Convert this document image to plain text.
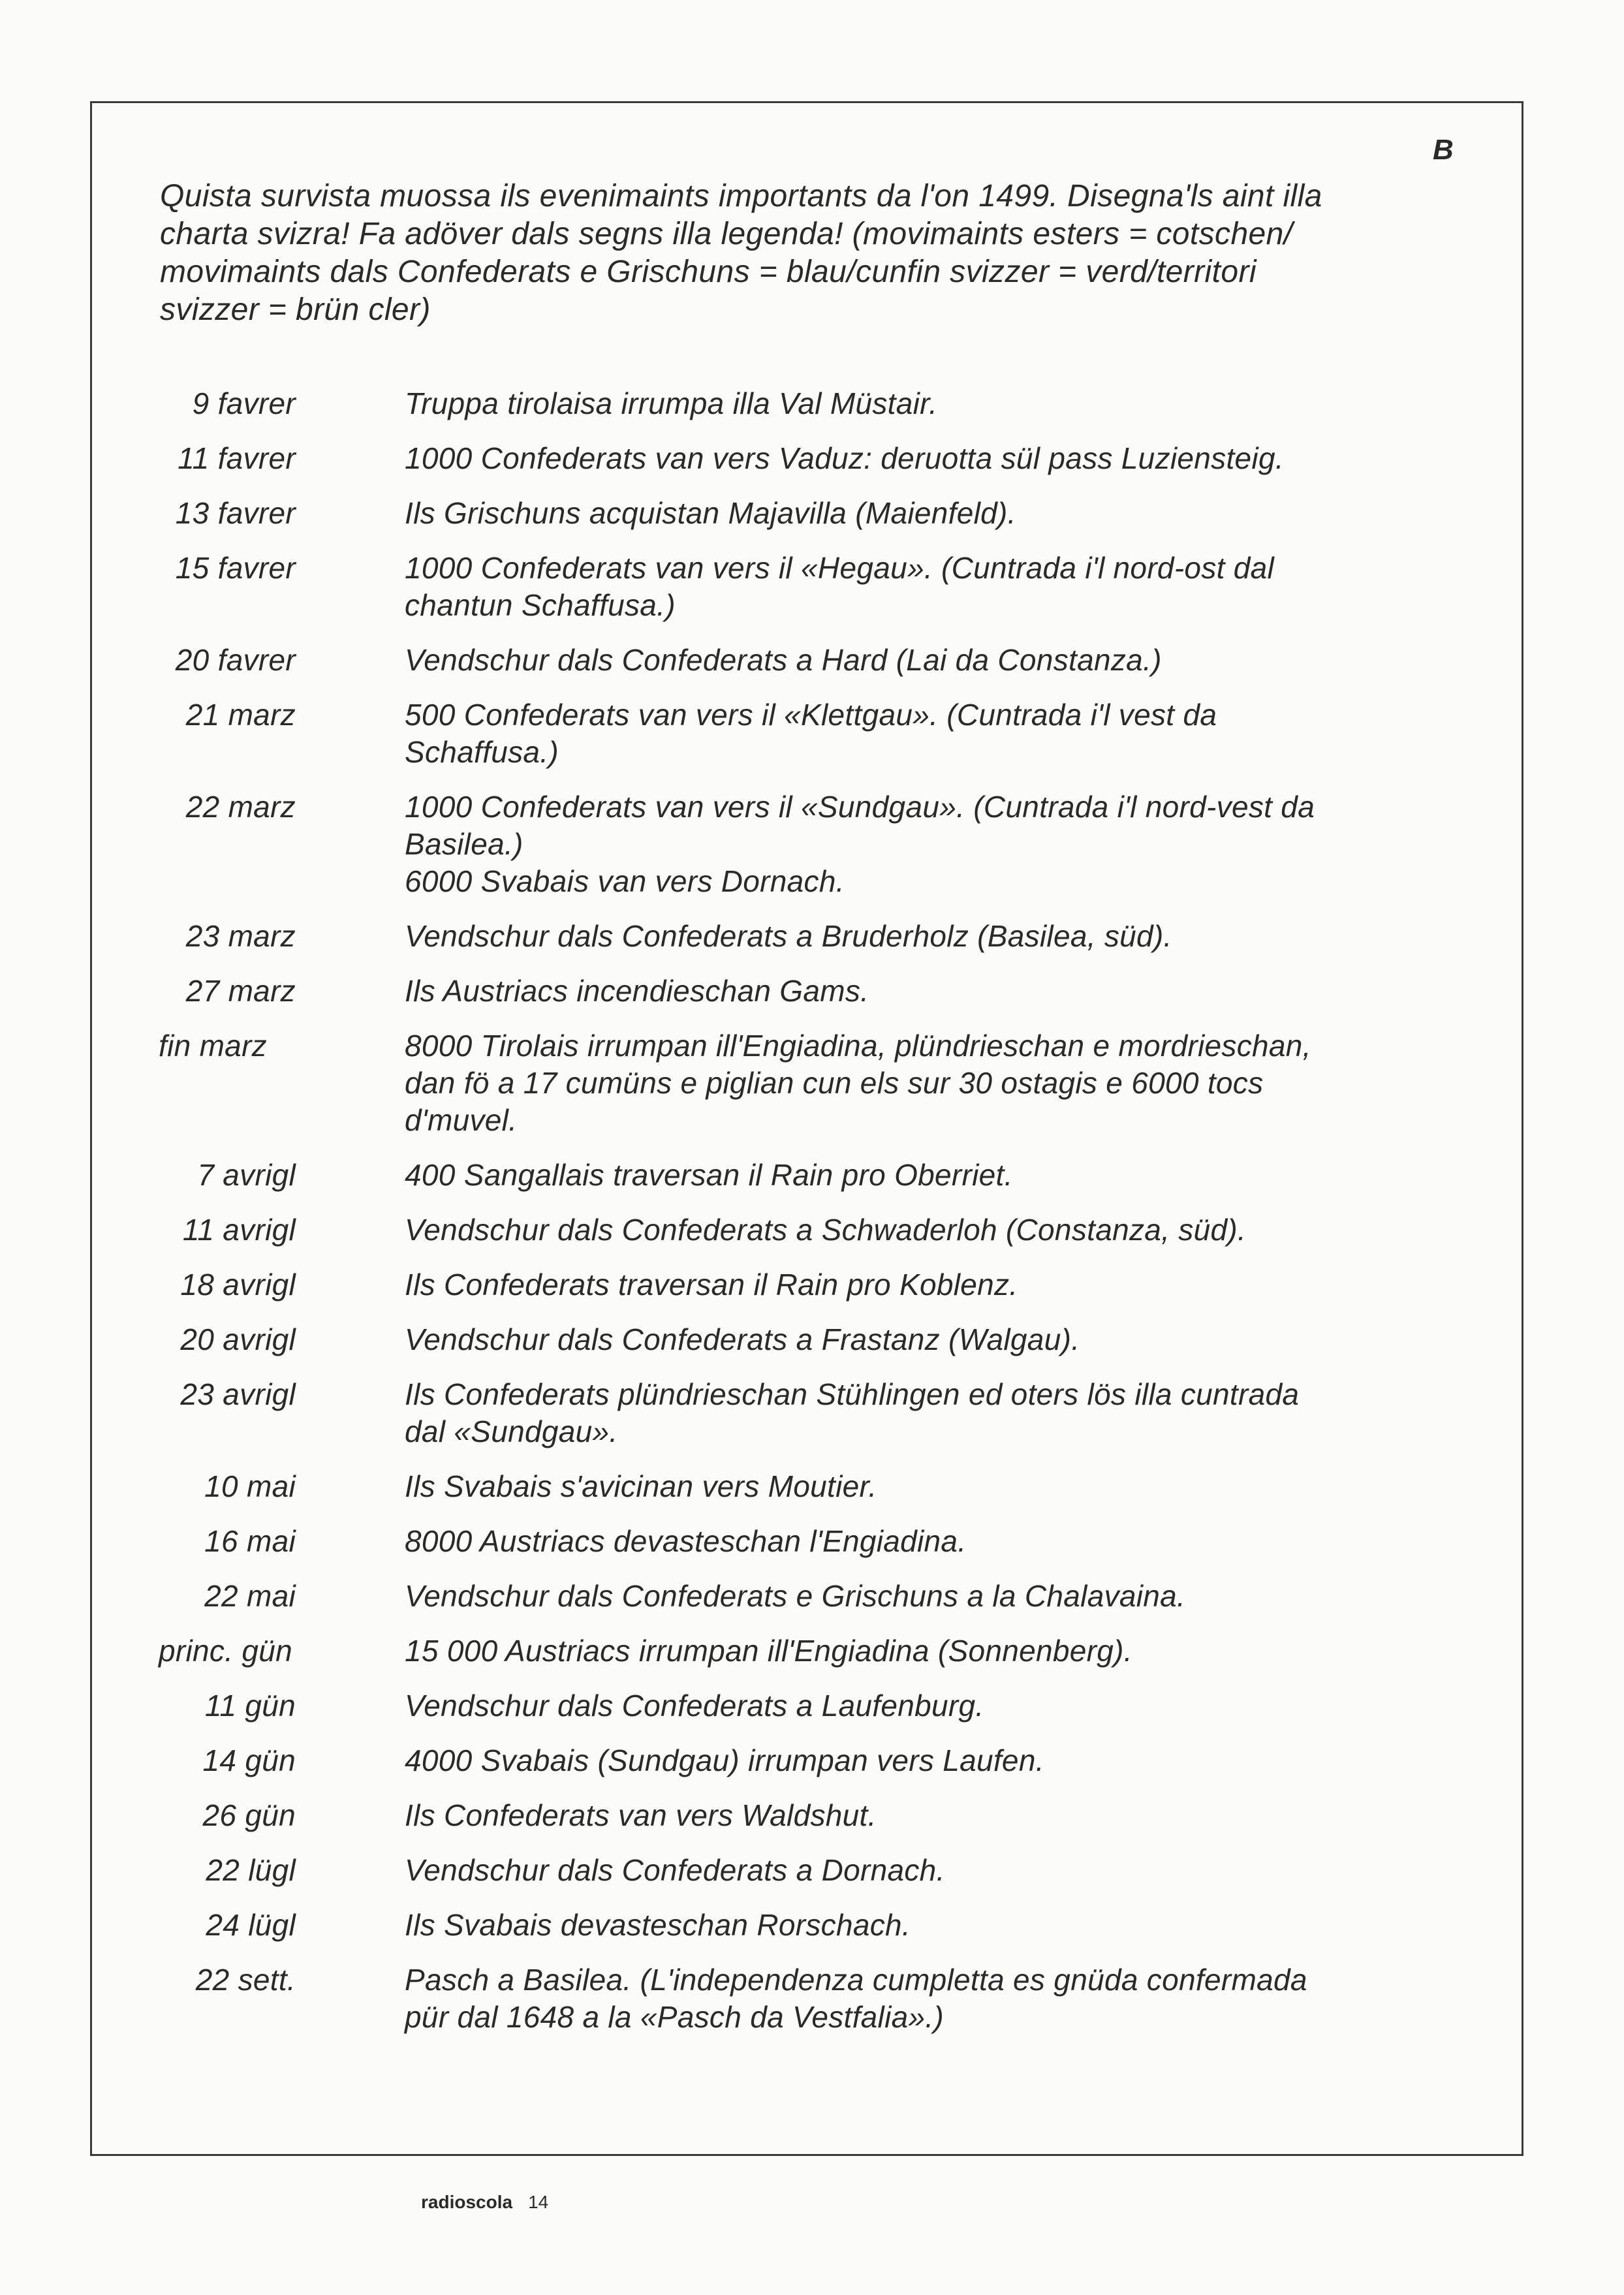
B

Quista survista muossa ils evenimaints importants da l'on 1499. Disegna'ls aint illa
charta svizra! Fa adöver dals segns illa legenda! (movimaints esters = cotschen/
movimaints dals Confederats e Grischuns = blau/cunfin svizzer = verd/territori
svizzer = brün cler)

9 favrer	Truppa tirolaisa irrumpa illa Val Müstair.
11 favrer	1000 Confederats van vers Vaduz: deruotta sül pass Luziensteig.
13 favrer	Ils Grischuns acquistan Majavilla (Maienfeld).
15 favrer	1000 Confederats van vers il «Hegau». (Cuntrada i'l nord-ost dal
chantun Schaffusa.)
20 favrer	Vendschur dals Confederats a Hard (Lai da Constanza.)
21 marz	500 Confederats van vers il «Klettgau». (Cuntrada i'l vest da
Schaffusa.)
22 marz	1000 Confederats van vers il «Sundgau». (Cuntrada i'l nord-vest da
Basilea.)
6000 Svabais van vers Dornach.
23 marz	Vendschur dals Confederats a Bruderholz (Basilea, süd).
27 marz	Ils Austriacs incendieschan Gams.
fin marz	8000 Tirolais irrumpan ill'Engiadina, plündrieschan e mordrieschan,
dan fö a 17 cumüns e piglian cun els sur 30 ostagis e 6000 tocs
d'muvel.
7 avrigl	400 Sangallais traversan il Rain pro Oberriet.
11 avrigl	Vendschur dals Confederats a Schwaderloh (Constanza, süd).
18 avrigl	Ils Confederats traversan il Rain pro Koblenz.
20 avrigl	Vendschur dals Confederats a Frastanz (Walgau).
23 avrigl	Ils Confederats plündrieschan Stühlingen ed oters lös illa cuntrada
dal «Sundgau».
10 mai	Ils Svabais s'avicinan vers Moutier.
16 mai	8000 Austriacs devasteschan l'Engiadina.
22 mai	Vendschur dals Confederats e Grischuns a la Chalavaina.
princ. gün	15 000 Austriacs irrumpan ill'Engiadina (Sonnenberg).
11 gün	Vendschur dals Confederats a Laufenburg.
14 gün	4000 Svabais (Sundgau) irrumpan vers Laufen.
26 gün	Ils Confederats van vers Waldshut.
22 lügl	Vendschur dals Confederats a Dornach.
24 lügl	Ils Svabais devasteschan Rorschach.
22 sett.	Pasch a Basilea. (L'independenza cumpletta es gnüda confermada
pür dal 1648 a la «Pasch da Vestfalia».)
radioscola 14
